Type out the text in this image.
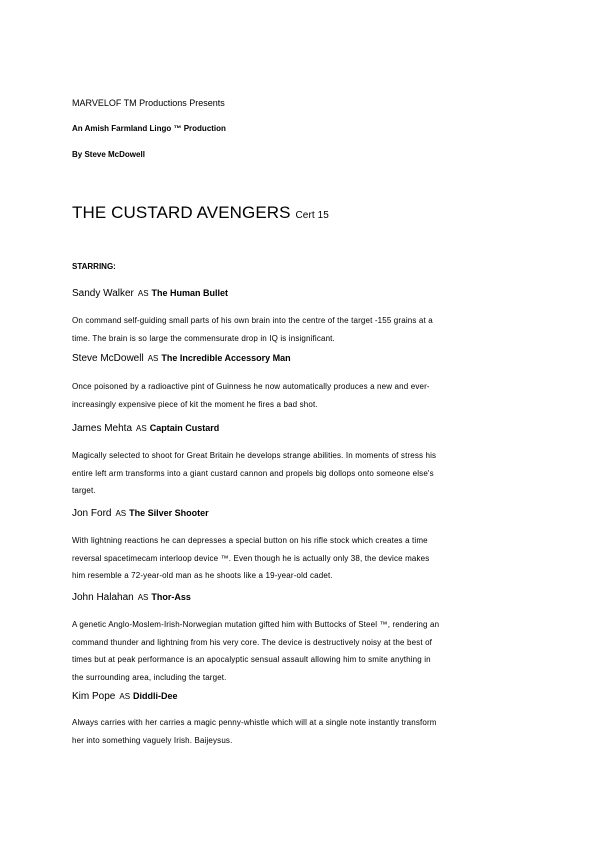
MARVELOF TM Productions Presents
An Amish Farmland Lingo ™ Production
By Steve McDowell
THE CUSTARD AVENGERS Cert 15
STARRING:
Sandy Walker AS The Human Bullet

On command self-guiding small parts of his own brain into the centre of the target -155 grains at a

time. The brain is so large the commensurate drop in IQ is insignificant.

Steve McDowell AS The Incredible Accessory Man

Once poisoned by a radioactive pint of Guinness he now automatically produces a new and ever-

increasingly expensive piece of kit the moment he fires a bad shot.

James Mehta AS Captain Custard

Magically selected to shoot for Great Britain he develops strange abilities. In moments of stress his

entire left arm transforms into a giant custard cannon and propels big dollops onto someone else's

target.

Jon Ford AS The Silver Shooter

With lightning reactions he can depresses a special button on his rifle stock which creates a time

reversal spacetimecam interloop device ™. Even though he is actually only 38, the device makes

him resemble a 72-year-old man as he shoots like a 19-year-old cadet.

John Halahan AS Thor-Ass

A genetic Anglo-Moslem-Irish-Norwegian mutation gifted him with Buttocks of Steel ™, rendering an

command thunder and lightning from his very core. The device is destructively noisy at the best of

times but at peak performance is an apocalyptic sensual assault allowing him to smite anything in

the surrounding area, including the target.

Kim Pope AS Diddli-Dee

Always carries with her carries a magic penny-whistle which will at a single note instantly transform

her into something vaguely Irish. Baijeysus.
